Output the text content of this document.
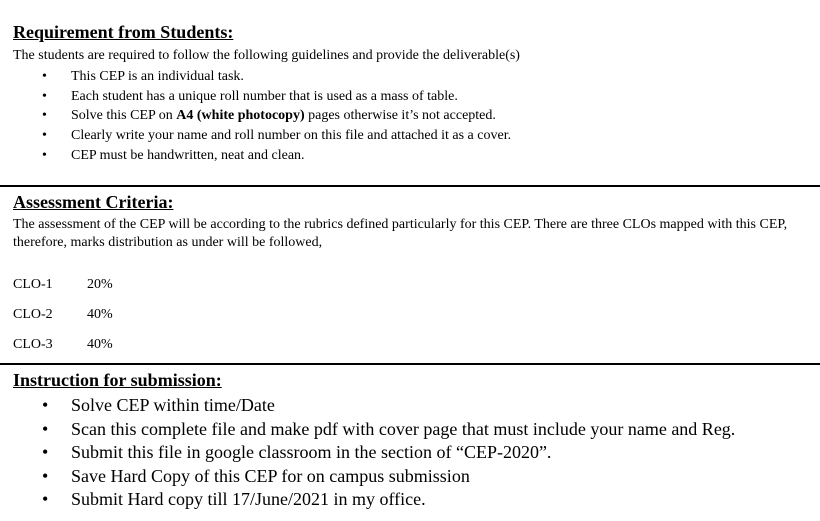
Requirement from Students:
The students are required to follow the following guidelines and provide the deliverable(s)
• This CEP is an individual task.
• Each student has a unique roll number that is used as a mass of table.
• Solve this CEP on A4 (white photocopy) pages otherwise it’s not accepted.
• Clearly write your name and roll number on this file and attached it as a cover.
• CEP must be handwritten, neat and clean.
Assessment Criteria:
The assessment of the CEP will be according to the rubrics defined particularly for this CEP. There are three CLOs mapped with this CEP, therefore, marks distribution as under will be followed,
CLO-1 20%
CLO-2 40%
CLO-3 40%
Instruction for submission:
• Solve CEP within time/Date
• Scan this complete file and make pdf with cover page that must include your name and Reg.
• Submit this file in google classroom in the section of “CEP-2020”.
• Save Hard Copy of this CEP for on campus submission
• Submit Hard copy till 17/June/2021 in my office.
